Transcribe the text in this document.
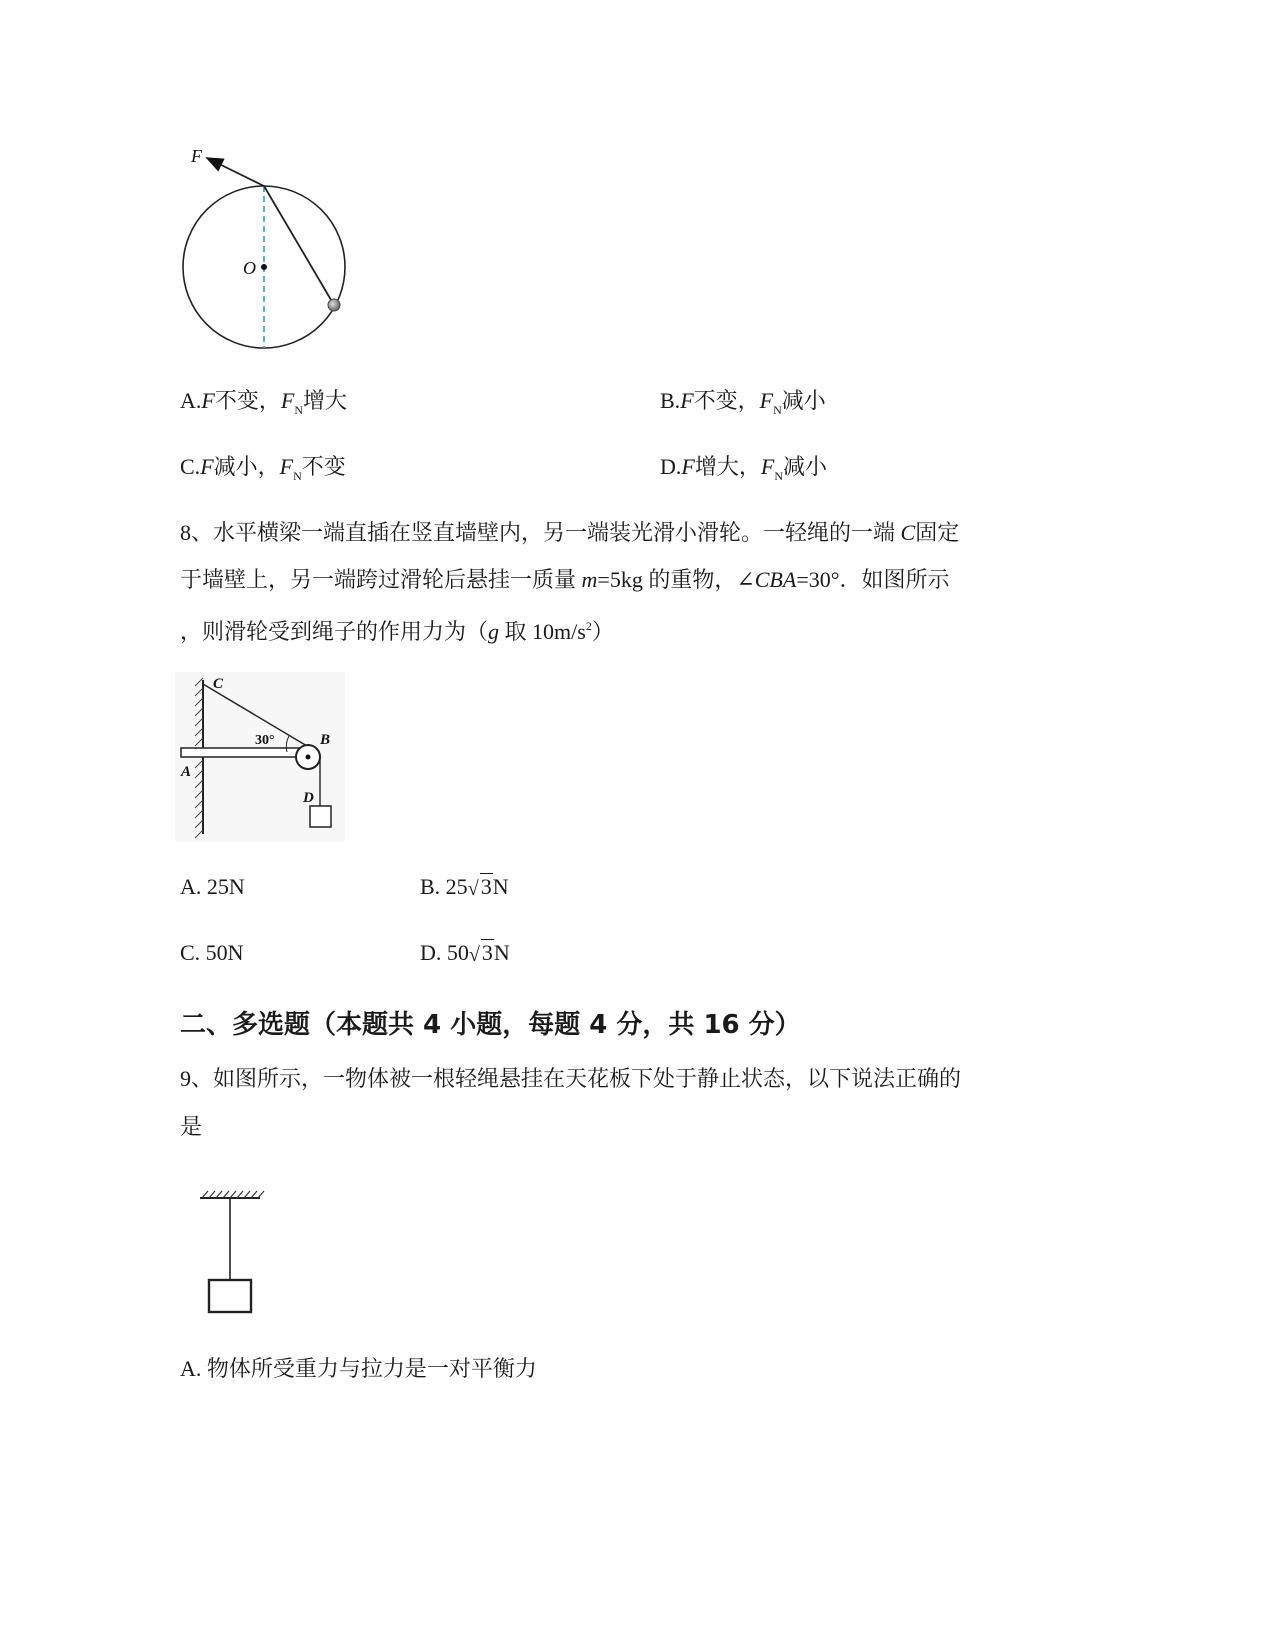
F
O
A.F不变，$F_N$增大	B.F不变，$F_N$减小
C.F减小，$F_N$不变	D.F增大，$F_N$减小
8、水平横梁一端直插在竖直墙壁内，另一端装光滑小滑轮。一轻绳的一端 C固定
于墙壁上，另一端跨过滑轮后悬挂一质量 m=5kg 的重物，∠CBA=30°．如图所示
，则滑轮受到绳子的作用力为（g 取 $10m/s^2$）
C
B
A
D
30°
A. 25N	B. 25 √ 3N
C. 50N	D. 50 √ 3N
二、多选题（本题共 4 小题，每题 4 分，共 16 分）
9、如图所示，一物体被一根轻绳悬挂在天花板下处于静止状态，以下说法正确的
是
A. 物体所受重力与拉力是一对平衡力
